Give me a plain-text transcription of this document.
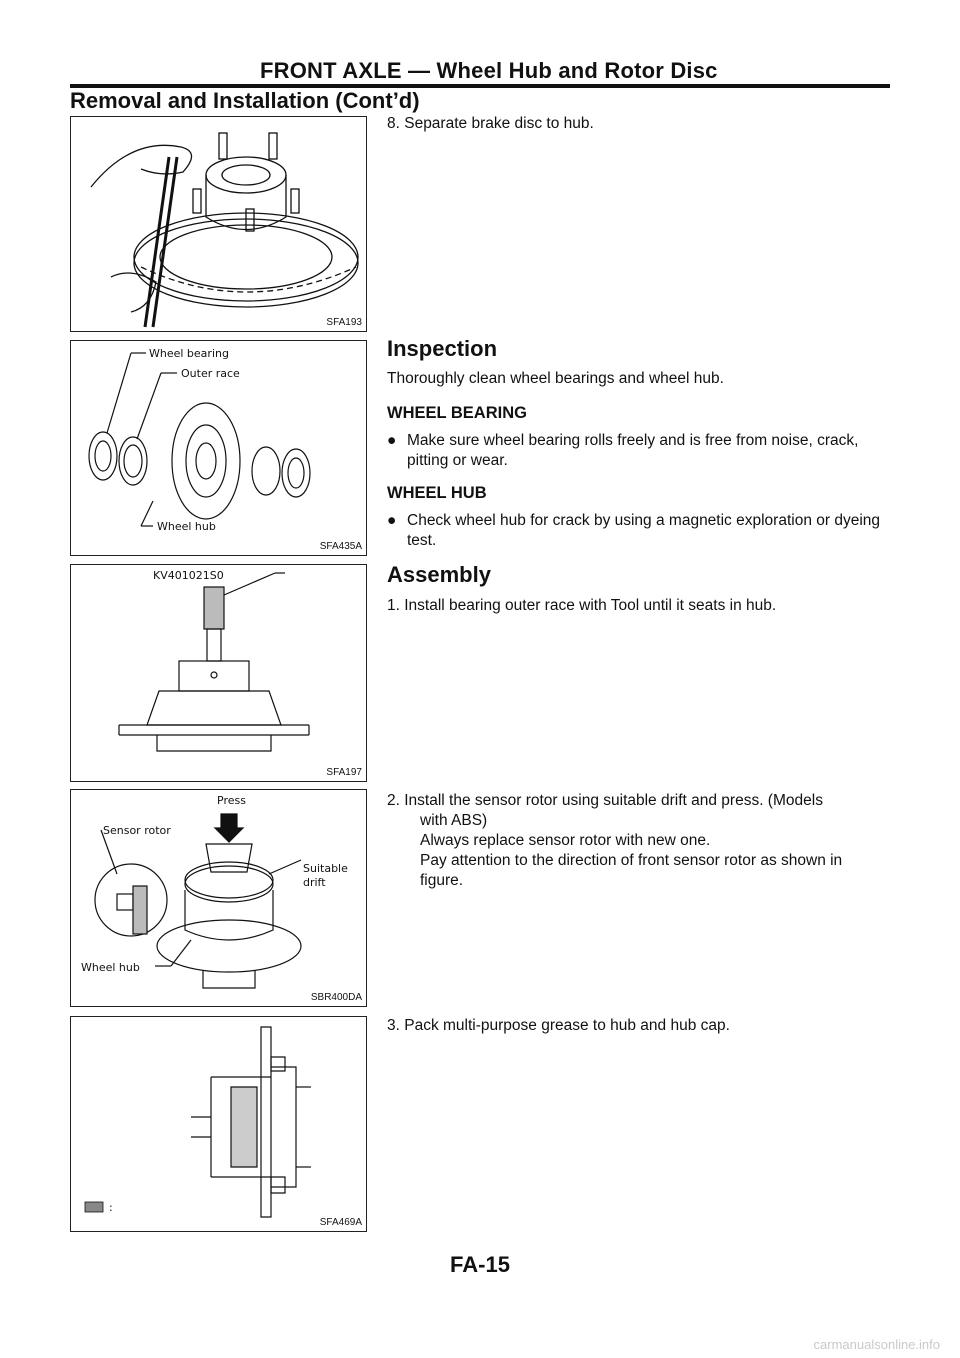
FRONT AXLE — Wheel Hub and Rotor Disc
Removal and Installation (Cont’d)
SFA193
8. Separate brake disc to hub.
Wheel bearing
Outer race
Wheel hub
SFA435A
Inspection
Thoroughly clean wheel bearings and wheel hub.
WHEEL BEARING
● Make sure wheel bearing rolls freely and is free from noise, crack, pitting or wear.
WHEEL HUB
● Check wheel hub for crack by using a magnetic exploration or dyeing test.
KV401021S0
SFA197
Assembly
1. Install bearing outer race with Tool until it seats in hub.
Press
Sensor rotor
Suitable
drift
Wheel hub
SBR400DA
2. Install the sensor rotor using suitable drift and press. (Models
with ABS)
Always replace sensor rotor with new one.
Pay attention to the direction of front sensor rotor as shown in
figure.
:
SFA469A
3. Pack multi-purpose grease to hub and hub cap.
FA-15
carmanualsonline.info
